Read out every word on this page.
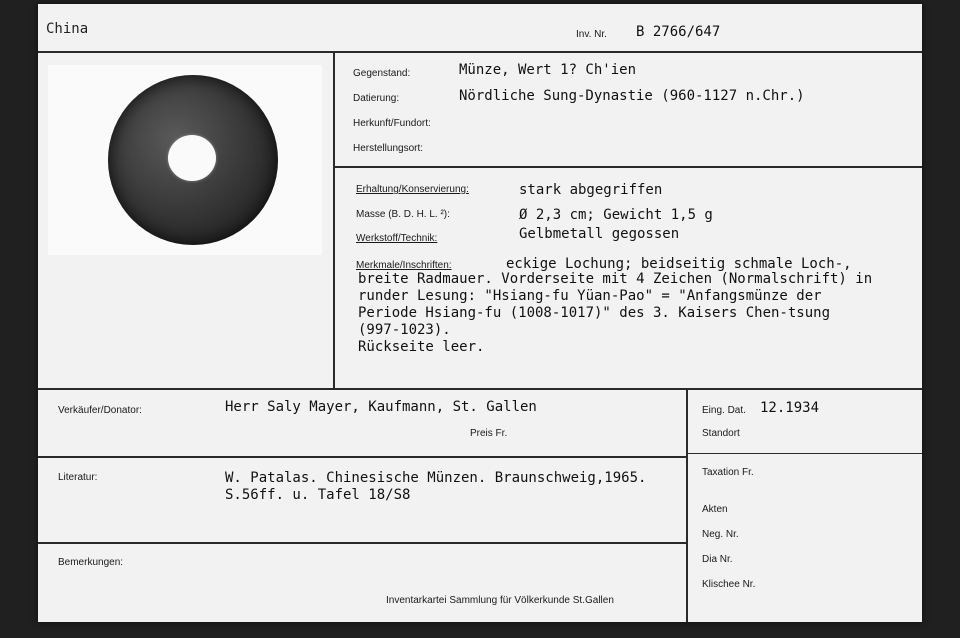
China	Inv. Nr. B 2766/647
Gegenstand:	Münze, Wert 1? Ch'ien
Datierung:	Nördliche Sung-Dynastie (960-1127 n.Chr.)
Herkunft/Fundort:
Herstellungsort:
Erhaltung/Konservierung:	stark abgegriffen
Masse (B. D. H. L. ²):	Ø 2,3 cm; Gewicht 1,5 g
Werkstoff/Technik:	Gelbmetall gegossen
Merkmale/Inschriften:	eckige Lochung; beidseitig schmale Loch-,

breite Radmauer. Vorderseite mit 4 Zeichen (Normalschrift) in

runder Lesung: "Hsiang-fu Yüan-Pao" = "Anfangsmünze der

Periode Hsiang-fu (1008-1017)" des 3. Kaisers Chen-tsung

(997-1023).

Rückseite leer.

Verkäufer/Donator:	Herr Saly Mayer, Kaufmann, St. Gallen
Preis Fr.
Literatur:	W. Patalas. Chinesische Münzen. Braunschweig,1965.
S.56ff. u. Tafel 18/S8
Bemerkungen:
Inventarkartei Sammlung für Völkerkunde St.Gallen
Eing. Dat. 12.1934
Standort
Taxation Fr.
Akten
Neg. Nr.
Dia Nr.
Klischee Nr.
